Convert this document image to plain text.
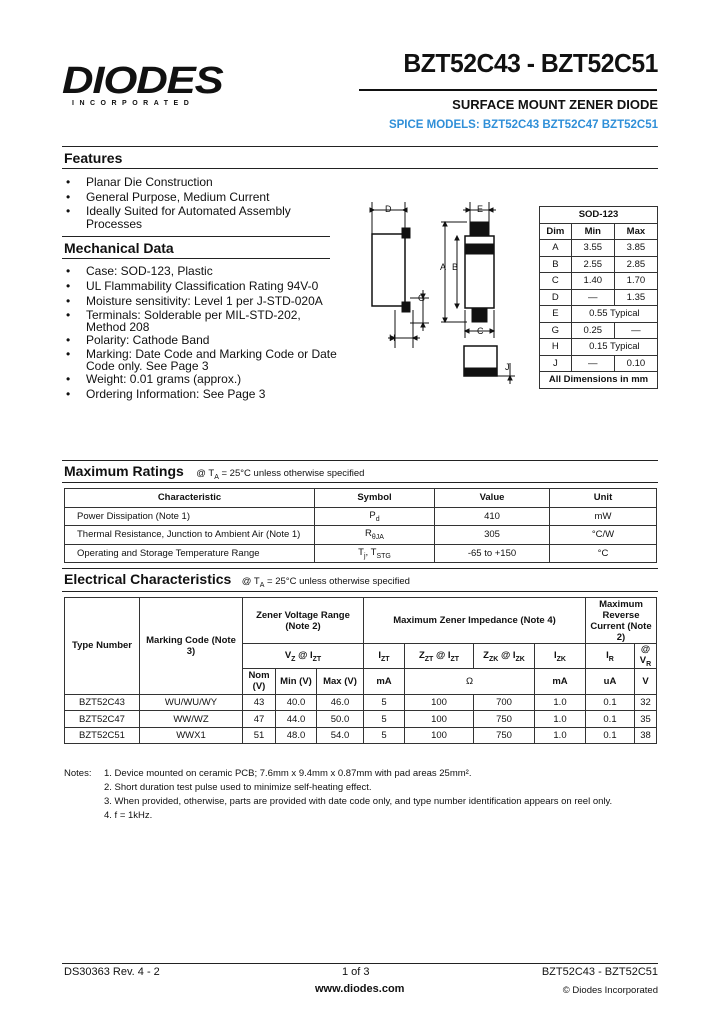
DIODES
INCORPORATED
BZT52C43 - BZT52C51
SURFACE MOUNT ZENER DIODE
SPICE MODELS: BZT52C43 BZT52C47 BZT52C51
Features
• Planar Die Construction
• General Purpose, Medium Current
• Ideally Suited for Automated Assembly Processes
Mechanical Data
• Case: SOD-123, Plastic
• UL Flammability Classification Rating 94V-0
• Moisture sensitivity: Level 1 per J-STD-020A
• Terminals: Solderable per MIL-STD-202, Method 208
• Polarity: Cathode Band
• Marking: Date Code and Marking Code or Date Code only. See Page 3
• Weight: 0.01 grams (approx.)
• Ordering Information: See Page 3
D	E
A B
G
H
C
J
SOD-123		
Dim	Min	Max
A	3.55	3.85
B	2.55	2.85
C	1.40	1.70
D	—	1.35
E	0.55 Typical	
G	0.25	—
H	0.15 Typical	
J	—	0.10
All Dimensions in mm		
Maximum Ratings @ $T_A = 25^\circ C$ unless otherwise specified
Characteristic	Symbol	Value	Unit
Power Dissipation (Note 1)	$P_d$	410	mW
Thermal Resistance, Junction to Ambient Air (Note 1)	$R_{\theta JA}$	305	°C/W
Operating and Storage Temperature Range	$T_j$, $T_{STG}$	-65 to +150	°C
Electrical Characteristics @ $T_A = 25^\circ C$ unless otherwise specified
Type Number	Marking Code (Note 3)	Zener Voltage Range (Note 2)			Maximum Zener Impedance (Note 4)				Maximum Reverse Current (Note 2)	
		$V_Z$ @ $I_{ZT}$			$I_{ZT}$	$Z_{ZT}$ @ $I_{ZT}$	$Z_{ZK}$ @ $I_{ZK}$	$I_{ZK}$	$I_R$	@ $V_R$
		Nom (V)	Min (V)	Max (V)	mA	Ω		mA	uA	V
BZT52C43	WU/WU/WY	43	40.0	46.0	5	100	700	1.0	0.1	32
BZT52C47	WW/WZ	47	44.0	50.0	5	100	750	1.0	0.1	35
BZT52C51	WWX1	51	48.0	54.0	5	100	750	1.0	0.1	38
Notes: 1. Device mounted on ceramic PCB; 7.6mm x 9.4mm x 0.87mm with pad areas 25mm².
2. Short duration test pulse used to minimize self-heating effect.
3. When provided, otherwise, parts are provided with date code only, and type number identification appears on reel only.
4. f = 1kHz.
DS30363 Rev. 4 - 2	1 of 3
www.diodes.com
BZT52C43 - BZT52C51
© Diodes Incorporated
